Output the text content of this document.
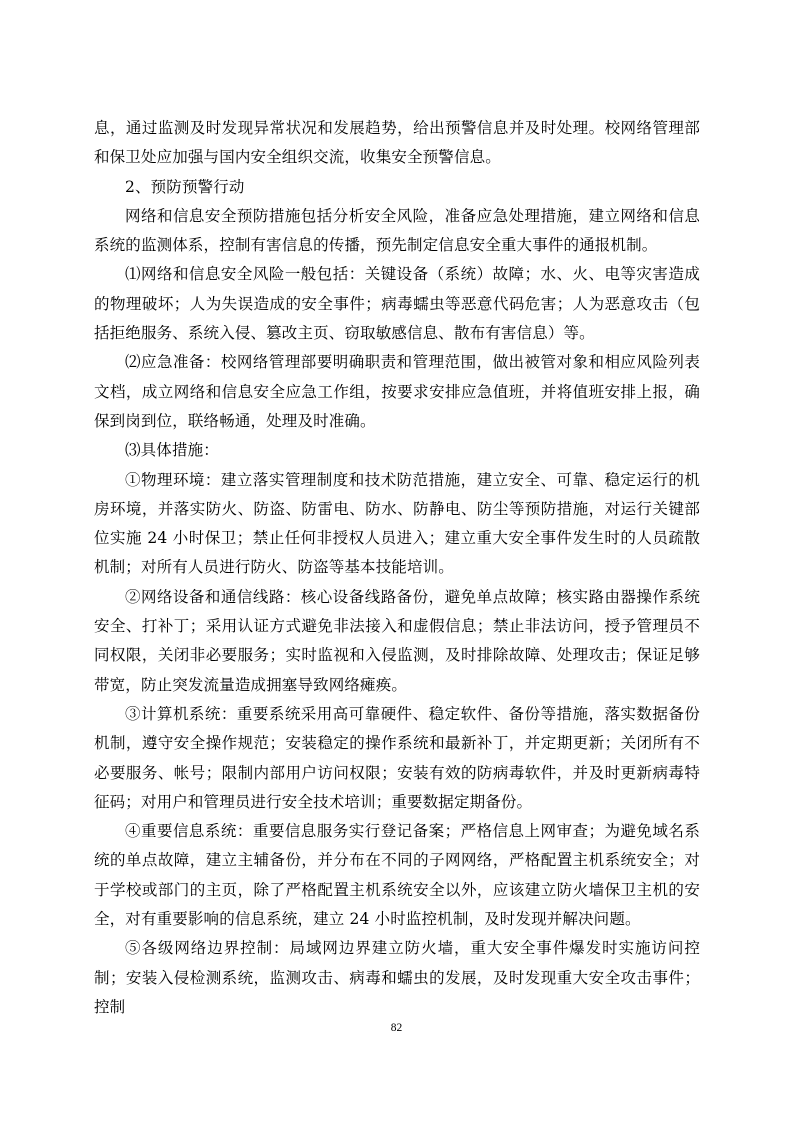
息，通过监测及时发现异常状况和发展趋势，给出预警信息并及时处理。校网络管理部和保卫处应加强与国内安全组织交流，收集安全预警信息。

2、预防预警行动

网络和信息安全预防措施包括分析安全风险，准备应急处理措施，建立网络和信息系统的监测体系，控制有害信息的传播，预先制定信息安全重大事件的通报机制。

⑴网络和信息安全风险一般包括：关键设备（系统）故障；水、火、电等灾害造成的物理破坏；人为失误造成的安全事件；病毒蠕虫等恶意代码危害；人为恶意攻击（包括拒绝服务、系统入侵、篡改主页、窃取敏感信息、散布有害信息）等。

⑵应急准备：校网络管理部要明确职责和管理范围，做出被管对象和相应风险列表文档，成立网络和信息安全应急工作组，按要求安排应急值班，并将值班安排上报，确保到岗到位，联络畅通，处理及时准确。

⑶具体措施：

①物理环境：建立落实管理制度和技术防范措施，建立安全、可靠、稳定运行的机房环境，并落实防火、防盗、防雷电、防水、防静电、防尘等预防措施，对运行关键部位实施 24 小时保卫；禁止任何非授权人员进入；建立重大安全事件发生时的人员疏散机制；对所有人员进行防火、防盗等基本技能培训。

②网络设备和通信线路：核心设备线路备份，避免单点故障；核实路由器操作系统安全、打补丁；采用认证方式避免非法接入和虚假信息；禁止非法访问，授予管理员不同权限，关闭非必要服务；实时监视和入侵监测，及时排除故障、处理攻击；保证足够带宽，防止突发流量造成拥塞导致网络瘫痪。

③计算机系统：重要系统采用高可靠硬件、稳定软件、备份等措施，落实数据备份机制，遵守安全操作规范；安装稳定的操作系统和最新补丁，并定期更新；关闭所有不必要服务、帐号；限制内部用户访问权限；安装有效的防病毒软件，并及时更新病毒特征码；对用户和管理员进行安全技术培训；重要数据定期备份。

④重要信息系统：重要信息服务实行登记备案；严格信息上网审查；为避免域名系统的单点故障，建立主辅备份，并分布在不同的子网网络，严格配置主机系统安全；对于学校或部门的主页，除了严格配置主机系统安全以外，应该建立防火墙保卫主机的安全，对有重要影响的信息系统，建立 24 小时监控机制，及时发现并解决问题。

⑤各级网络边界控制：局域网边界建立防火墙，重大安全事件爆发时实施访问控制；安装入侵检测系统，监测攻击、病毒和蠕虫的发展，及时发现重大安全攻击事件；控制

82
